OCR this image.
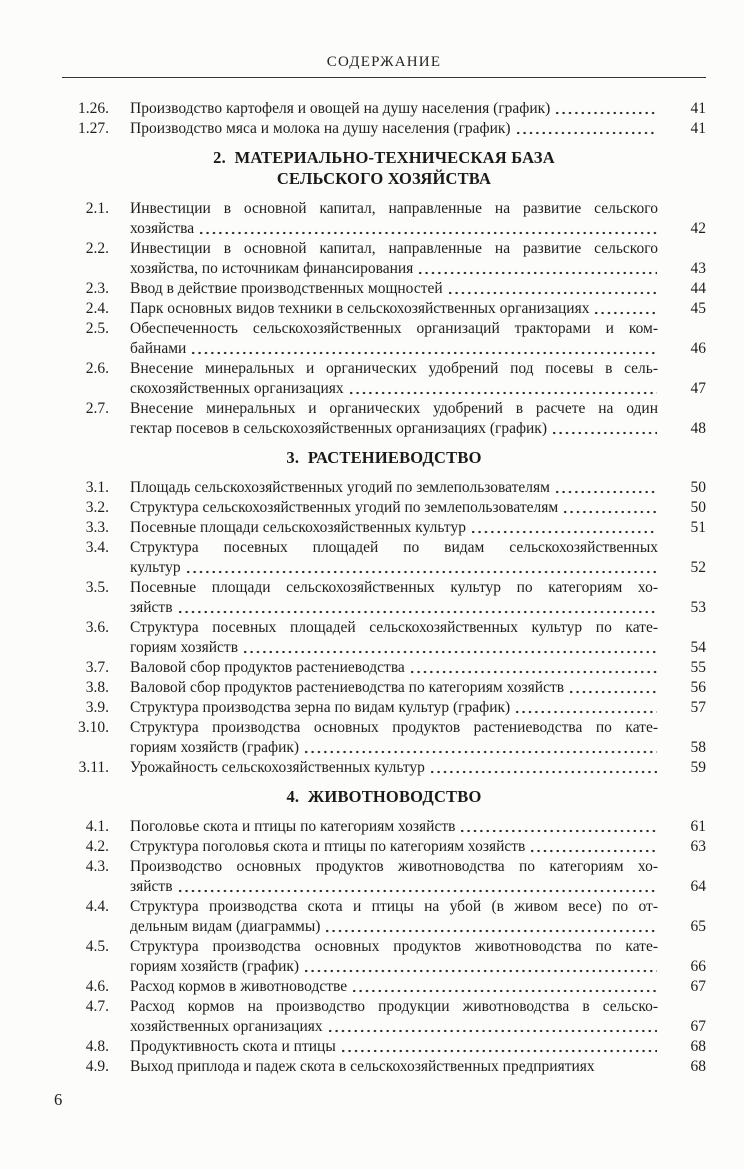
СОДЕРЖАНИЕ
1.26. Производство картофеля и овощей на душу населения (график)	41
1.27. Производство мяса и молока на душу населения (график)	41
2.  МАТЕРИАЛЬНО-ТЕХНИЧЕСКАЯ БАЗА
СЕЛЬСКОГО ХОЗЯЙСТВА
2.1. Инвестиции в основной капитал, направленные на развитие сельского
хозяйства	42
2.2. Инвестиции в основной капитал, направленные на развитие сельского
хозяйства, по источникам финансирования	43
2.3. Ввод в действие производственных мощностей	44
2.4. Парк основных видов техники в сельскохозяйственных организациях	45
2.5. Обеспеченность сельскохозяйственных организаций тракторами и ком-
байнами	46
2.6. Внесение минеральных и органических удобрений под посевы в сель-
скохозяйственных организациях	47
2.7. Внесение минеральных и органических удобрений в расчете на один
гектар посевов в сельскохозяйственных организациях (график)	48
3.  РАСТЕНИЕВОДСТВО
3.1. Площадь сельскохозяйственных угодий по землепользователям	50
3.2. Структура сельскохозяйственных угодий по землепользователям	50
3.3. Посевные площади сельскохозяйственных культур	51
3.4. Структура посевных площадей по видам сельскохозяйственных
культур	52
3.5. Посевные площади сельскохозяйственных культур по категориям хо-
зяйств	53
3.6. Структура посевных площадей сельскохозяйственных культур по кате-
гориям хозяйств	54
3.7. Валовой сбор продуктов растениеводства	55
3.8. Валовой сбор продуктов растениеводства по категориям хозяйств	56
3.9. Структура производства зерна по видам культур (график)	57
3.10. Структура производства основных продуктов растениеводства по кате-
гориям хозяйств (график)	58
3.11. Урожайность сельскохозяйственных культур	59
4.  ЖИВОТНОВОДСТВО
4.1. Поголовье скота и птицы по категориям хозяйств	61
4.2. Структура поголовья скота и птицы по категориям хозяйств	63
4.3. Производство основных продуктов животноводства по категориям хо-
зяйств	64
4.4. Структура производства скота и птицы на убой (в живом весе) по от-
дельным видам (диаграммы)	65
4.5. Структура производства основных продуктов животноводства по кате-
гориям хозяйств (график)	66
4.6. Расход кормов в животноводстве	67
4.7. Расход кормов на производство продукции животноводства в сельско-
хозяйственных организациях	67
4.8. Продуктивность скота и птицы	68
4.9. Выход приплода и падеж скота в сельскохозяйственных предприятиях	68
6
